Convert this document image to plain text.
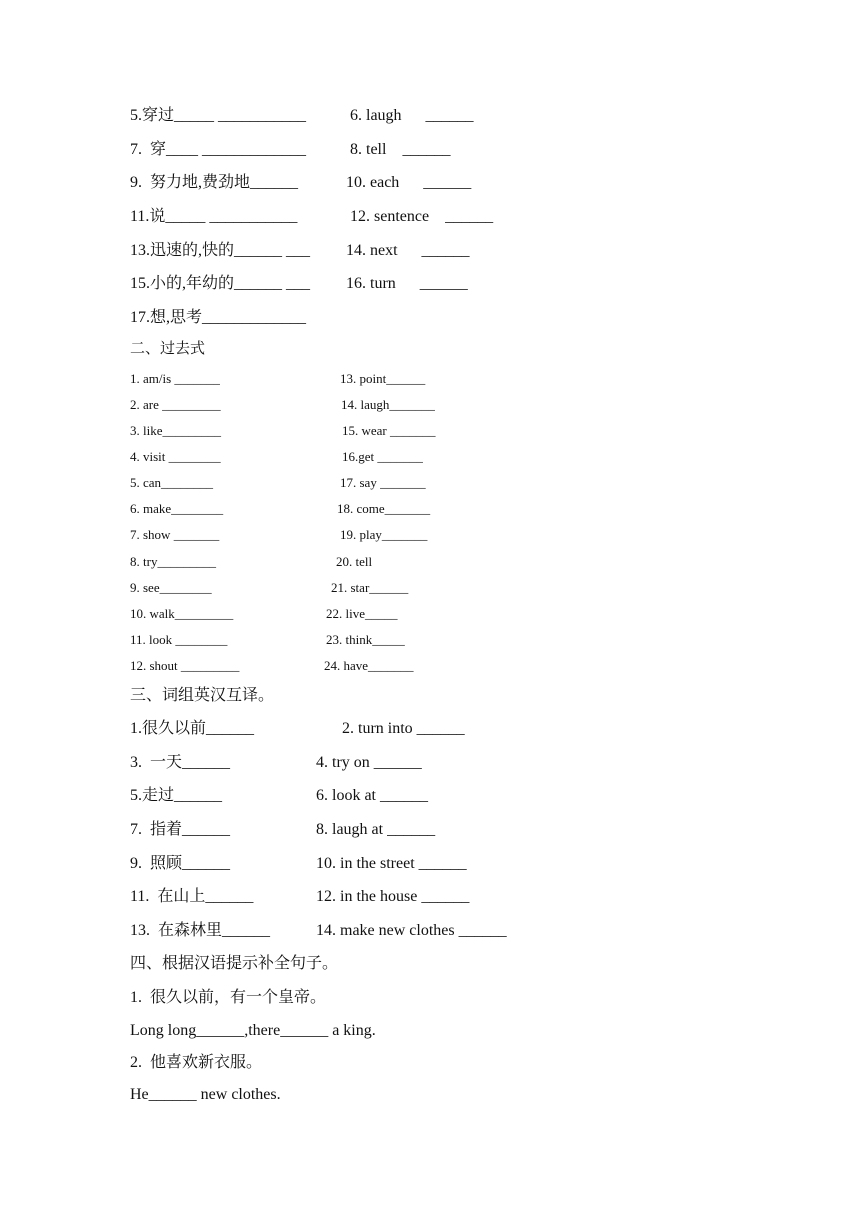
5.穿过_____ ___________	6. laugh      ______
7.  穿____ _____________	8. tell    ______
9.  努力地,费劲地______	10. each      ______
11.说_____ ___________	12. sentence    ______
13.迅速的,快的______ ___ 14. next      ______
15.小的,年幼的______ ___ 16. turn      ______
17.想,思考_____________
二、过去式
1. am/is _______	13. point______
2. are _________	14. laugh_______
3. like_________	15. wear _______
4. visit ________	16.get _______
5. can________	17. say _______
6. make________	18. come_______
7. show _______	19. play_______
8. try_________	20. tell
9. see________	21. star______
10. walk_________	22. live_____
11. look ________	23. think_____
12. shout _________	24. have_______
三、词组英汉互译。
1.很久以前______	2. turn into ______
3.  一天______	4. try on ______
5.走过______	6. look at ______
7.  指着______	8. laugh at ______
9.  照顾______	10. in the street ______
11.  在山上______	12. in the house ______
13.  在森林里______	14. make new clothes ______
四、根据汉语提示补全句子。
1.  很久以前，有一个皇帝。
Long long______,there______ a king.
2.  他喜欢新衣服。
He______ new clothes.
